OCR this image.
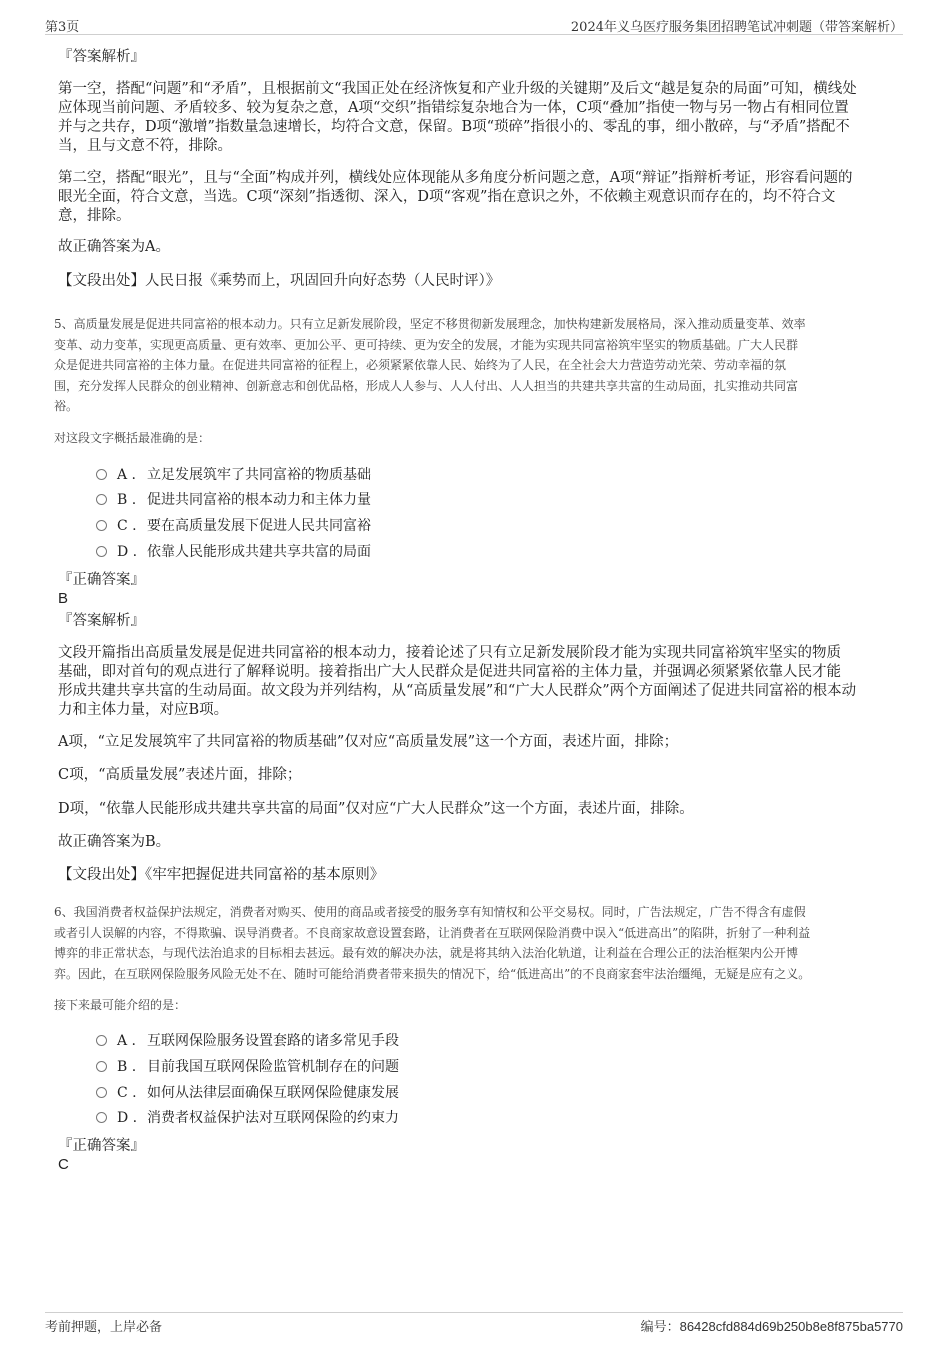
第3页	2024年义乌医疗服务集团招聘笔试冲刺题（带答案解析）
『答案解析』
第一空，搭配“问题”和“矛盾”，且根据前文“我国正处在经济恢复和产业升级的关键期”及后文“越是复杂的局面”可知，横线处
应体现当前问题、矛盾较多、较为复杂之意，A项“交织”指错综复杂地合为一体，C项“叠加”指使一物与另一物占有相同位置
并与之共存，D项“激增”指数量急速增长，均符合文意，保留。B项“琐碎”指很小的、零乱的事，细小散碎，与“矛盾”搭配不
当，且与文意不符，排除。
第二空，搭配“眼光”，且与“全面”构成并列，横线处应体现能从多角度分析问题之意，A项“辩证”指辩析考证，形容看问题的
眼光全面，符合文意，当选。C项“深刻”指透彻、深入，D项“客观”指在意识之外，不依赖主观意识而存在的，均不符合文
意，排除。
故正确答案为A。
【文段出处】人民日报《乘势而上，巩固回升向好态势（人民时评）》
5、高质量发展是促进共同富裕的根本动力。只有立足新发展阶段，坚定不移贯彻新发展理念，加快构建新发展格局，深入推动质量变革、效率
变革、动力变革，实现更高质量、更有效率、更加公平、更可持续、更为安全的发展，才能为实现共同富裕筑牢坚实的物质基础。广大人民群
众是促进共同富裕的主体力量。在促进共同富裕的征程上，必须紧紧依靠人民、始终为了人民，在全社会大力营造劳动光荣、劳动幸福的氛
围，充分发挥人民群众的创业精神、创新意志和创优品格，形成人人参与、人人付出、人人担当的共建共享共富的生动局面，扎实推动共同富
裕。
对这段文字概括最准确的是：
A . 立足发展筑牢了共同富裕的物质基础
B . 促进共同富裕的根本动力和主体力量
C . 要在高质量发展下促进人民共同富裕
D . 依靠人民能形成共建共享共富的局面
『正确答案』
B
『答案解析』
文段开篇指出高质量发展是促进共同富裕的根本动力，接着论述了只有立足新发展阶段才能为实现共同富裕筑牢坚实的物质
基础，即对首句的观点进行了解释说明。接着指出广大人民群众是促进共同富裕的主体力量，并强调必须紧紧依靠人民才能
形成共建共享共富的生动局面。故文段为并列结构，从“高质量发展”和“广大人民群众”两个方面阐述了促进共同富裕的根本动
力和主体力量，对应B项。
A项，“立足发展筑牢了共同富裕的物质基础”仅对应“高质量发展”这一个方面，表述片面，排除；
C项，“高质量发展”表述片面，排除；
D项，“依靠人民能形成共建共享共富的局面”仅对应“广大人民群众”这一个方面，表述片面，排除。
故正确答案为B。
【文段出处】《牢牢把握促进共同富裕的基本原则》
6、我国消费者权益保护法规定，消费者对购买、使用的商品或者接受的服务享有知情权和公平交易权。同时，广告法规定，广告不得含有虚假
或者引人误解的内容，不得欺骗、误导消费者。不良商家故意设置套路，让消费者在互联网保险消费中误入“低进高出”的陷阱，折射了一种利益
博弈的非正常状态，与现代法治追求的目标相去甚远。最有效的解决办法，就是将其纳入法治化轨道，让利益在合理公正的法治框架内公开博
弈。因此，在互联网保险服务风险无处不在、随时可能给消费者带来损失的情况下，给“低进高出”的不良商家套牢法治缰绳，无疑是应有之义。
接下来最可能介绍的是：
A . 互联网保险服务设置套路的诸多常见手段
B . 目前我国互联网保险监管机制存在的问题
C . 如何从法律层面确保互联网保险健康发展
D . 消费者权益保护法对互联网保险的约束力
『正确答案』
C
考前押题，上岸必备	编号：86428cfd884d69b250b8e8f875ba5770
